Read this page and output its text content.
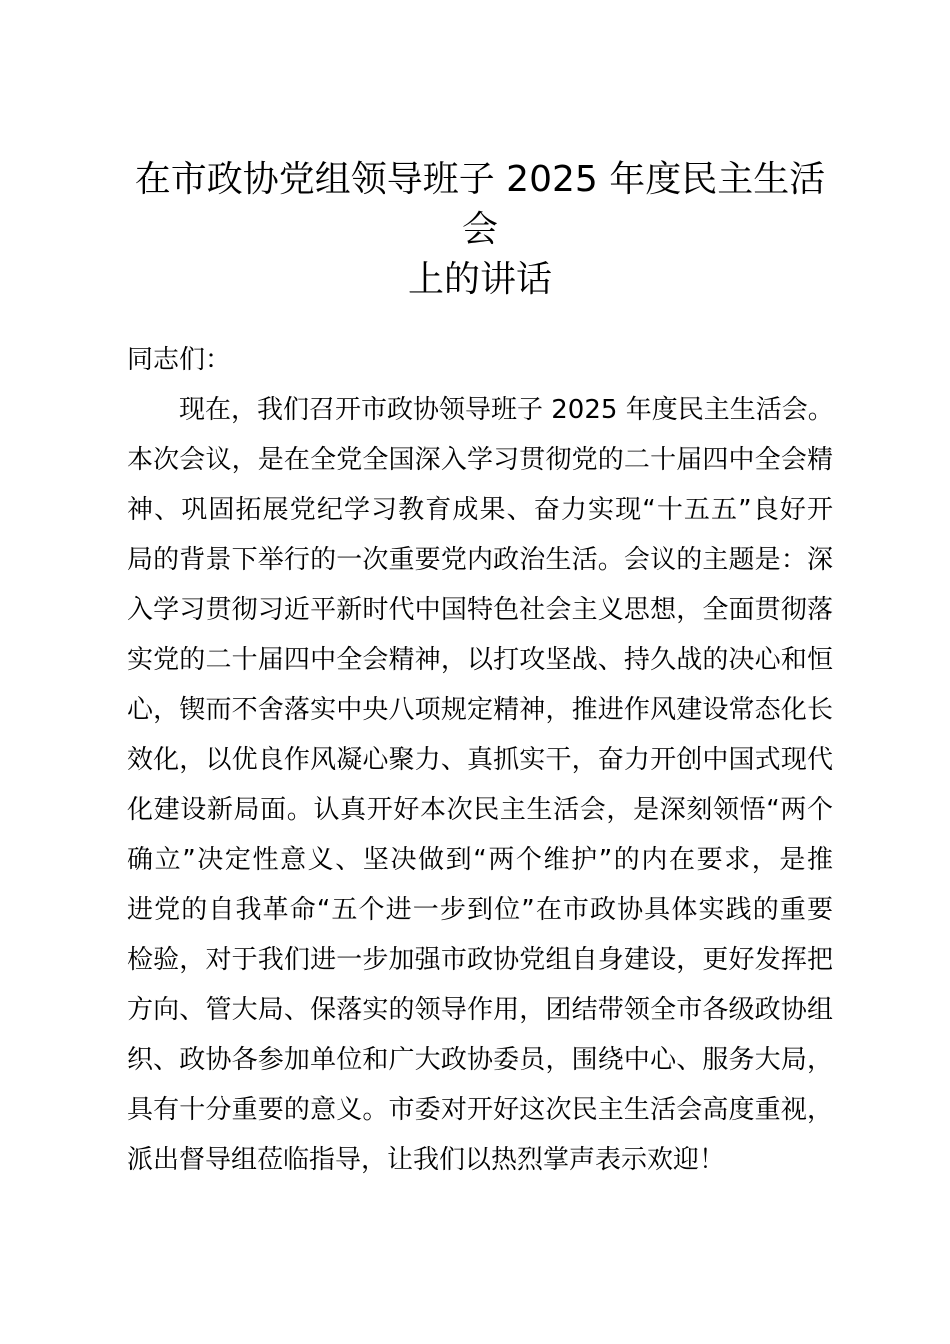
在市政协党组领导班子 2025 年度民主生活会
上的讲话

同志们：

现在，我们召开市政协领导班子 2025 年度民主生活会。

本次会议，是在全党全国深入学习贯彻党的二十届四中全会精

神、巩固拓展党纪学习教育成果、奋力实现“十五五”良好开

局的背景下举行的一次重要党内政治生活。会议的主题是：深

入学习贯彻习近平新时代中国特色社会主义思想，全面贯彻落

实党的二十届四中全会精神，以打攻坚战、持久战的决心和恒

心，锲而不舍落实中央八项规定精神，推进作风建设常态化长

效化，以优良作风凝心聚力、真抓实干，奋力开创中国式现代

化建设新局面。认真开好本次民主生活会，是深刻领悟“两个

确立”决定性意义、坚决做到“两个维护”的内在要求，是推

进党的自我革命“五个进一步到位”在市政协具体实践的重要

检验，对于我们进一步加强市政协党组自身建设，更好发挥把

方向、管大局、保落实的领导作用，团结带领全市各级政协组

织、政协各参加单位和广大政协委员，围绕中心、服务大局，

具有十分重要的意义。市委对开好这次民主生活会高度重视，

派出督导组莅临指导，让我们以热烈掌声表示欢迎！
